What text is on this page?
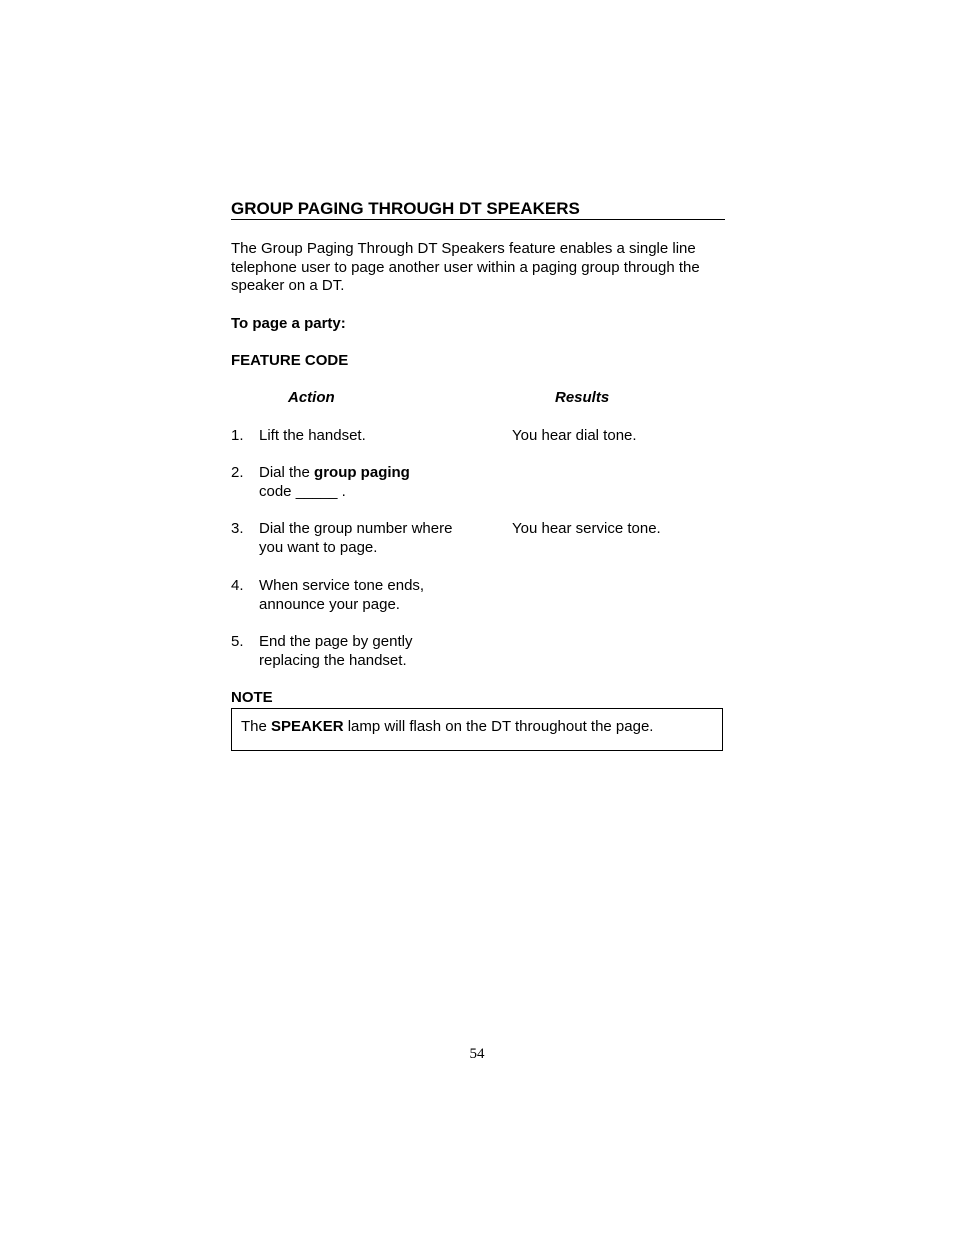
GROUP PAGING THROUGH DT SPEAKERS
The Group Paging Through DT Speakers feature enables a single line telephone user to page another user within a paging group through the speaker on a DT.
To page a party:
FEATURE CODE
Action	Results
1. Lift the handset.	You hear dial tone.
2. Dial the group paging code _____ .
3. Dial the group number where you want to page.
You hear service tone.
4. When service tone ends, announce your page.
5. End the page by gently replacing the handset.
NOTE
The SPEAKER lamp will flash on the DT throughout the page.
54
